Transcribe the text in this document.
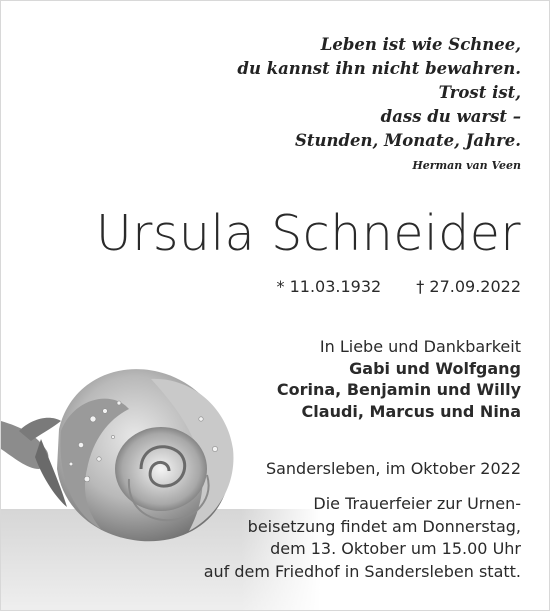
Leben ist wie Schnee,
du kannst ihn nicht bewahren.
Trost ist,
dass du warst –
Stunden, Monate, Jahre.
Herman van Veen
Ursula Schneider
* 11.03.1932 † 27.09.2022
In Liebe und Dankbarkeit
Gabi und Wolfgang
Corina, Benjamin und Willy
Claudi, Marcus und Nina
Sandersleben, im Oktober 2022
Die Trauerfeier zur Urnen-
beisetzung findet am Donnerstag,
dem 13. Oktober um 15.00 Uhr
auf dem Friedhof in Sandersleben statt.
